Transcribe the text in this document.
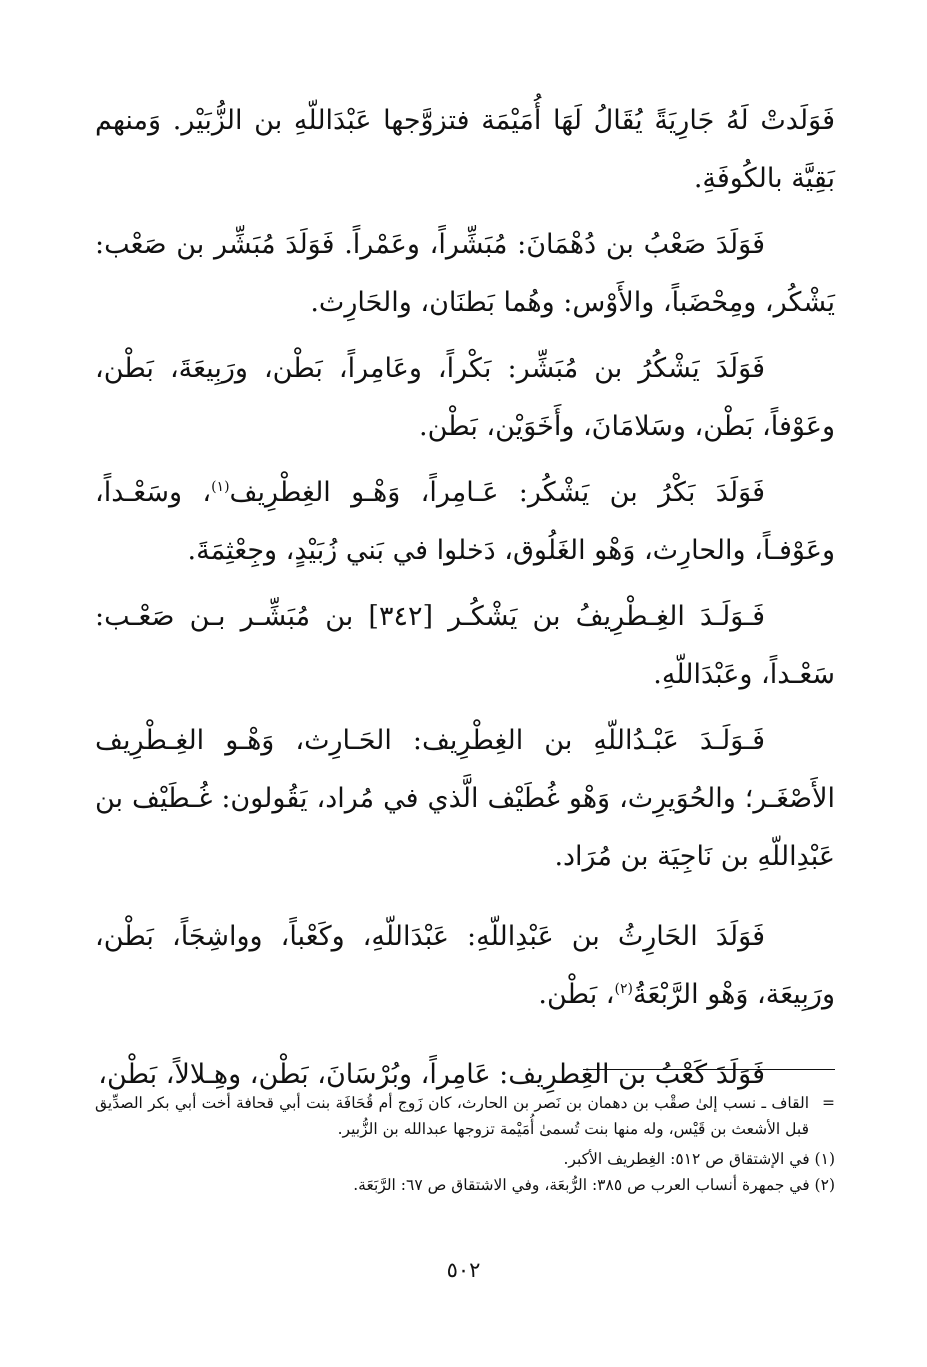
فَوَلَدتْ لَهُ جَارِيَةً يُقَالُ لَهَا أُمَيْمَة فتزوَّجها عَبْدَاللّهِ بن الزُّبَيْر. وَمنهم بَقِيَّة بالكُوفَةِ.

فَوَلَدَ صَعْبُ بن دُهْمَانَ: مُبَشِّراً، وعَمْراً. فَوَلَدَ مُبَشِّر بن صَعْب: يَشْكُر، ومِحْضَباً، والأَوْس: وهُما بَطنَان، والحَارِث.

فَوَلَدَ يَشْكُرُ بن مُبَشِّر: بَكْراً، وعَامِراً، بَطْن، ورَبِيعَةَ، بَطْن، وعَوْفاً، بَطْن، وسَلامَانَ، وأَخَوَيْن، بَطْن.

فَوَلَدَ بَكْرُ بن يَشْكُر: عَـامِراً، وَهْـو الغِطْرِيف$^{(١)}$، وسَعْـداً، وعَوْفـاً، والحارِث، وَهْو الغَلُوق، دَخلوا في بَني زُبَيْدٍ، وجِعْثِمَةَ.

فَـوَلَـدَ الغِـطْرِيفُ بن يَشْكُـر [٣٤٢] بن مُبَشِّـر بـن صَعْـب: سَعْـداً، وعَبْدَاللّهِ.

فَـوَلَـدَ عَبْـدُاللّهِ بن الغِطْرِيف: الحَـارِث، وَهْـو الغِـطْرِيف الأَصْغَـر؛ والحُوَيرِث، وَهْو غُطَيْف الَّذي في مُراد، يَقُولون: غُـطَيْف بن عَبْدِاللّهِ بن نَاجِيَة بن مُرَاد.

فَوَلَدَ الحَارِثُ بن عَبْدِاللّهِ: عَبْدَاللّهِ، وكَعْباً، وواشِجَاً، بَطْن، ورَبِيعَة، وَهْو الرَّبْعَةُ$^{(٢)}$، بَطْن.

فَوَلَدَ كَعْبُ بن الغِطرِيف: عَامِراً، وبُرْسَانَ، بَطْن، وهِـلالاً، بَطْن،

=
القاف ـ نسب إلىٰ صقْب بن دهمان بن نَصر بن الحارث، كان زَوج أم قُحَافَة بنت أبي قحافة أخت أبي بكر الصدِّيق قبل الأشعث بن قَيْس، وله منها بنت تُسمىٰ أُمَيْمة تزوجها عبدالله بن الزُّبير.

(١) في الإشتقاق ص ٥١٢: الغِطريف الأكبر.

(٢) في جمهرة أنساب العرب ص ٣٨٥: الرُّبعَة، وفي الاشتقاق ص ٦٧: الرَّبَعَة.

٥٠٢
